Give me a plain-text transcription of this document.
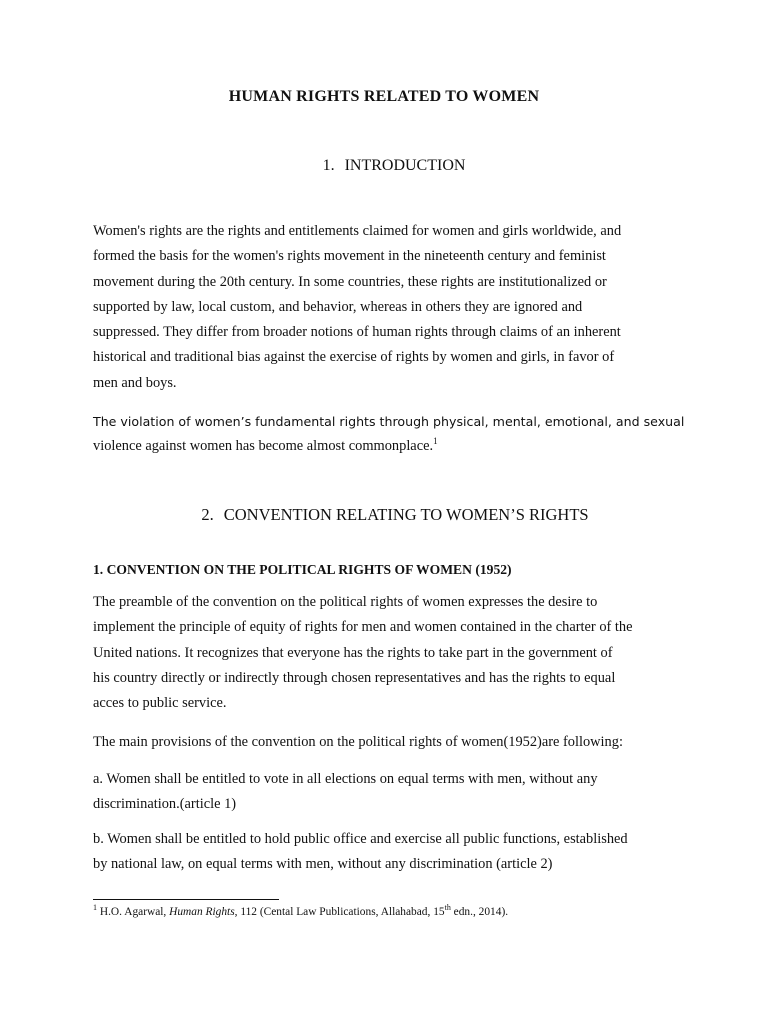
HUMAN RIGHTS RELATED TO WOMEN
1. INTRODUCTION
Women's rights are the rights and entitlements claimed for women and girls worldwide, and
formed the basis for the women's rights movement in the nineteenth century and feminist
movement during the 20th century. In some countries, these rights are institutionalized or
supported by law, local custom, and behavior, whereas in others they are ignored and
suppressed. They differ from broader notions of human rights through claims of an inherent
historical and traditional bias against the exercise of rights by women and girls, in favor of
men and boys.
The violation of women’s fundamental rights through physical, mental, emotional, and sexual
violence against women has become almost commonplace.$^1$
2. CONVENTION RELATING TO WOMEN’S RIGHTS
1. CONVENTION ON THE POLITICAL RIGHTS OF WOMEN (1952)
The preamble of the convention on the political rights of women expresses the desire to
implement the principle of equity of rights for men and women contained in the charter of the
United nations. It recognizes that everyone has the rights to take part in the government of
his country directly or indirectly through chosen representatives and has the rights to equal
acces to public service.
The main provisions of the convention on the political rights of women(1952)are following:
a. Women shall be entitled to vote in all elections on equal terms with men, without any
discrimination.(article 1)
b. Women shall be entitled to hold public office and exercise all public functions, established
by national law, on equal terms with men, without any discrimination (article 2)
$^1$ H.O. Agarwal, Human Rights, 112 (Cental Law Publications, Allahabad, 15th edn., 2014).
